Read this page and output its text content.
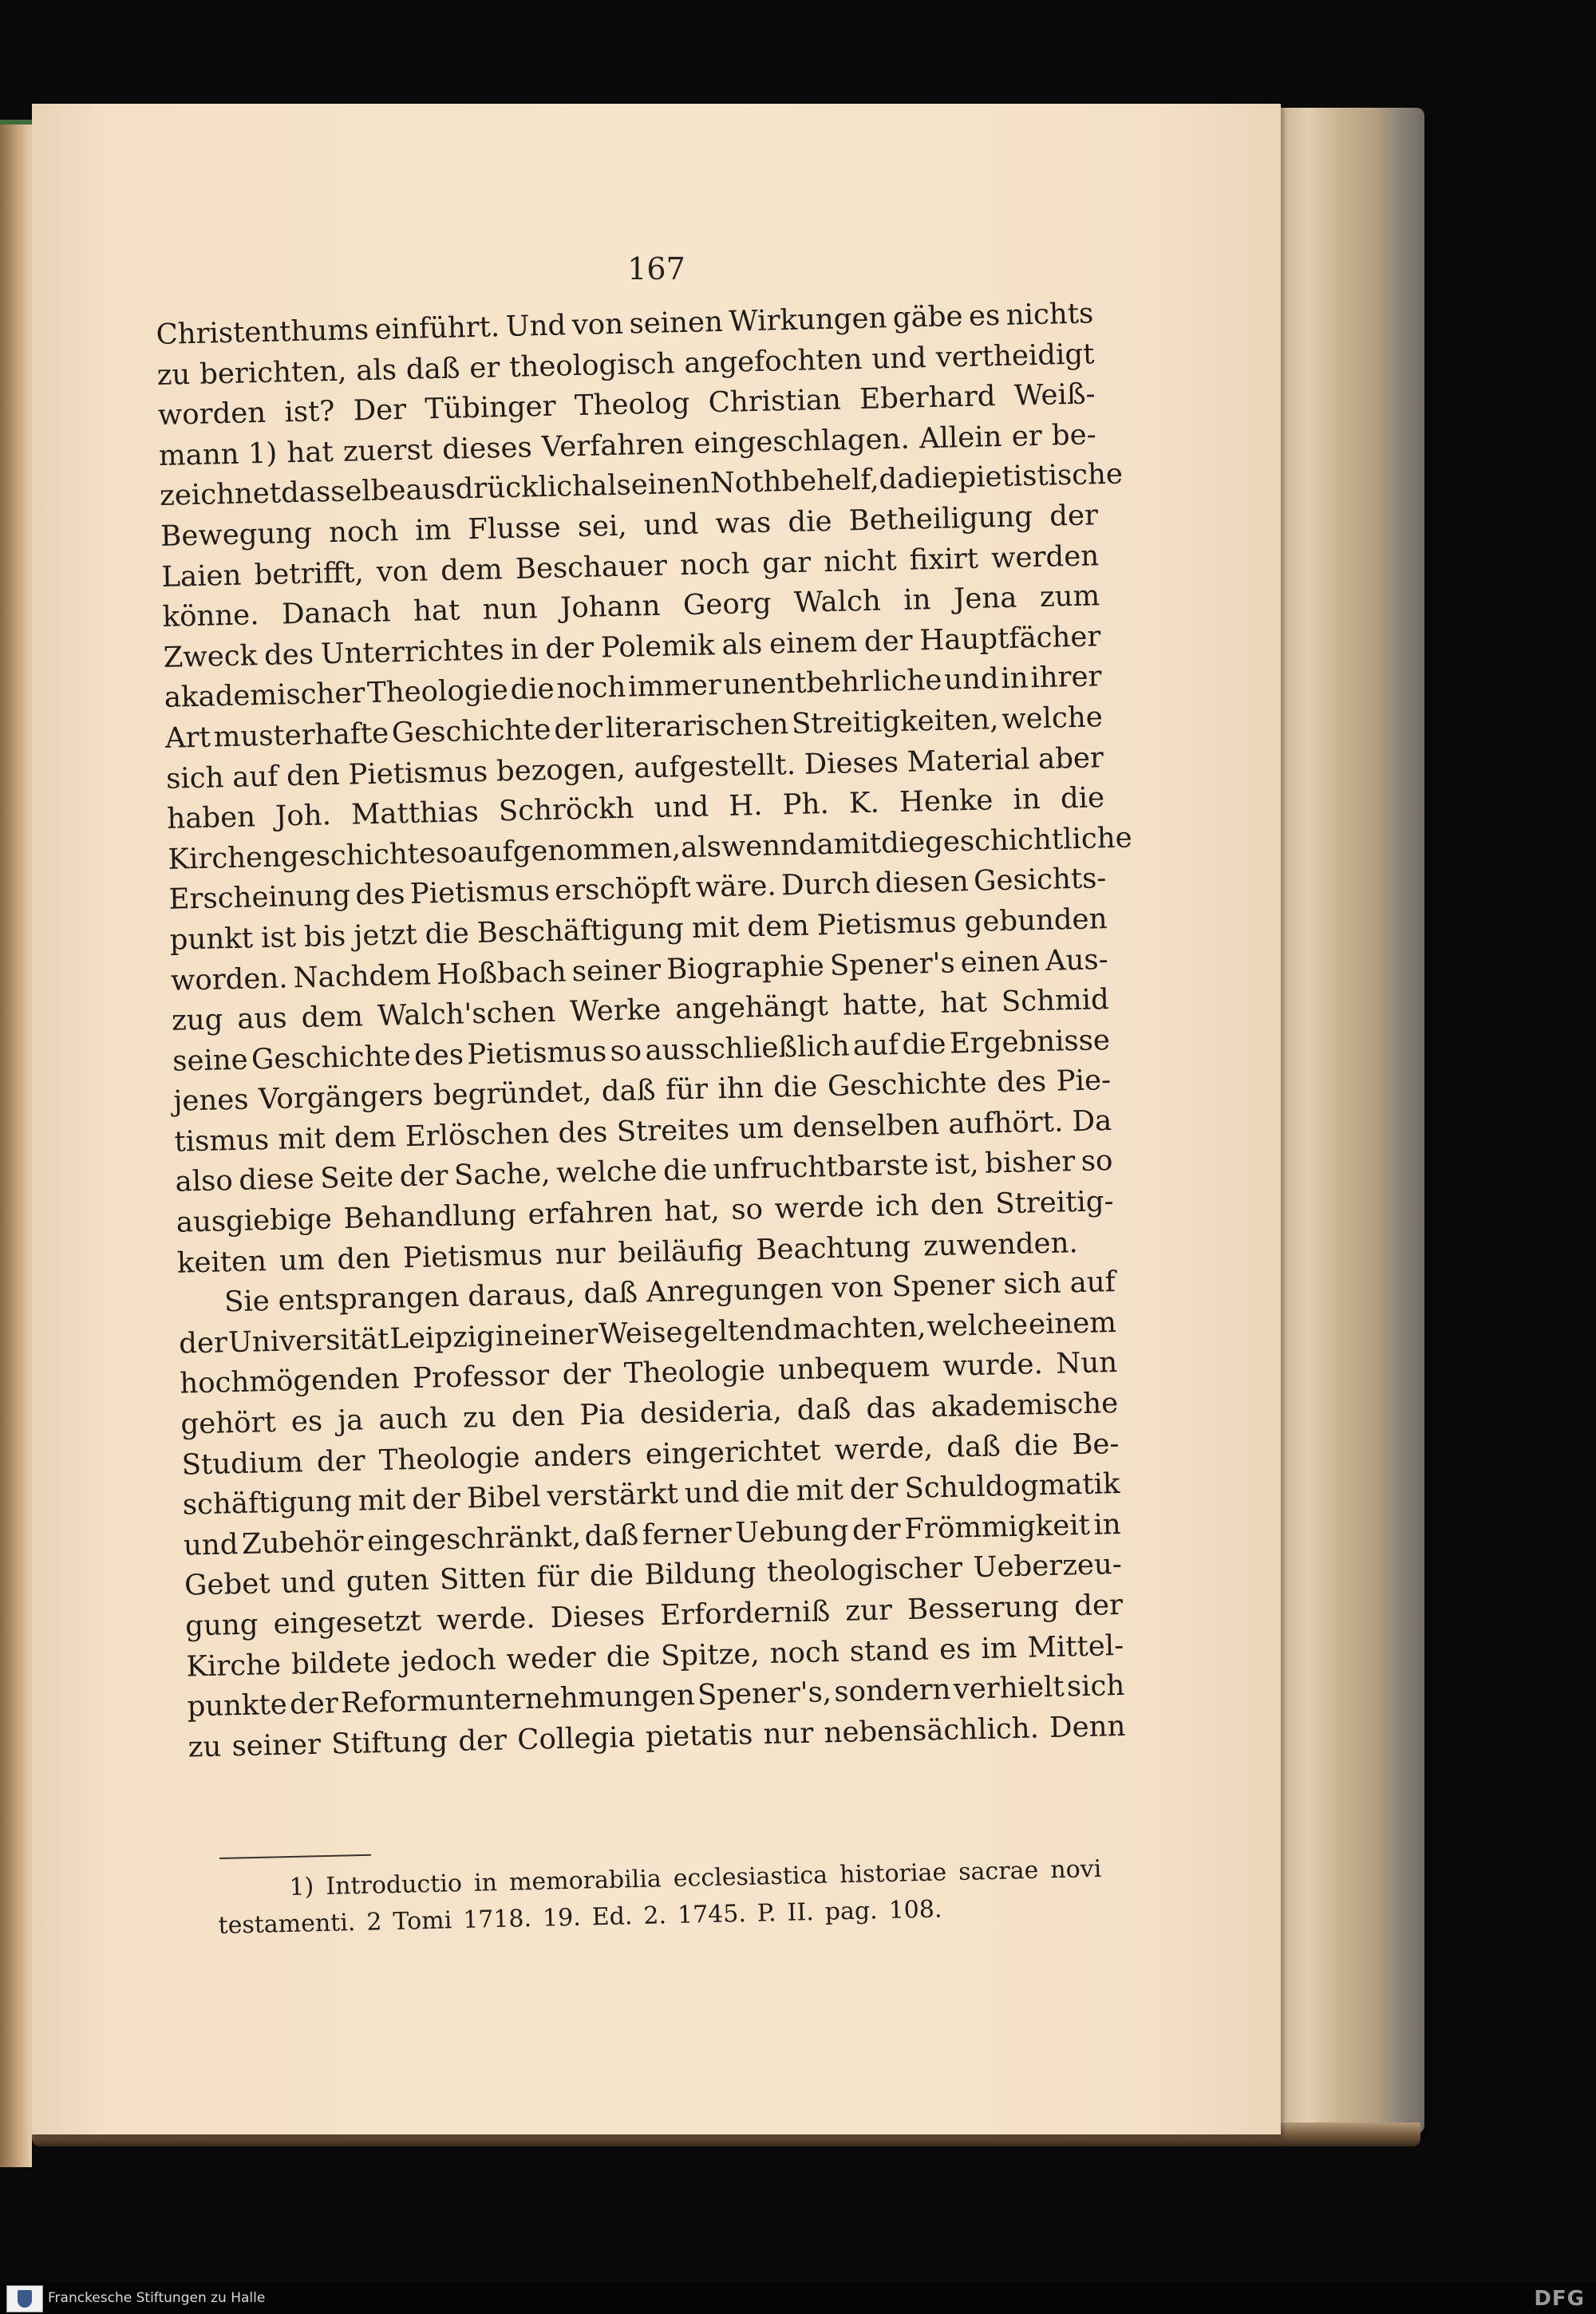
167
Christenthums einführt. Und von seinen Wirkungen gäbe es nichts
zu berichten, als daß er theologisch angefochten und vertheidigt
worden ist? Der Tübinger Theolog Christian Eberhard Weiß-
mann 1) hat zuerst dieses Verfahren eingeschlagen. Allein er be-
zeichnet dasselbe ausdrücklich als einen Nothbehelf, da die pietistische
Bewegung noch im Flusse sei, und was die Betheiligung der
Laien betrifft, von dem Beschauer noch gar nicht fixirt werden
könne. Danach hat nun Johann Georg Walch in Jena zum
Zweck des Unterrichtes in der Polemik als einem der Hauptfächer
akademischer Theologie die noch immer unentbehrliche und in ihrer
Art musterhafte Geschichte der literarischen Streitigkeiten, welche
sich auf den Pietismus bezogen, aufgestellt. Dieses Material aber
haben Joh. Matthias Schröckh und H. Ph. K. Henke in die
Kirchengeschichte so aufgenommen, als wenn damit die geschichtliche
Erscheinung des Pietismus erschöpft wäre. Durch diesen Gesichts-
punkt ist bis jetzt die Beschäftigung mit dem Pietismus gebunden
worden. Nachdem Hoßbach seiner Biographie Spener's einen Aus-
zug aus dem Walch'schen Werke angehängt hatte, hat Schmid
seine Geschichte des Pietismus so ausschließlich auf die Ergebnisse
jenes Vorgängers begründet, daß für ihn die Geschichte des Pie-
tismus mit dem Erlöschen des Streites um denselben aufhört. Da
also diese Seite der Sache, welche die unfruchtbarste ist, bisher so
ausgiebige Behandlung erfahren hat, so werde ich den Streitig-
keiten um den Pietismus nur beiläufig Beachtung zuwenden.
Sie entsprangen daraus, daß Anregungen von Spener sich auf
der Universität Leipzig in einer Weise geltend machten, welche einem
hochmögenden Professor der Theologie unbequem wurde. Nun
gehört es ja auch zu den Pia desideria, daß das akademische
Studium der Theologie anders eingerichtet werde, daß die Be-
schäftigung mit der Bibel verstärkt und die mit der Schuldogmatik
und Zubehör eingeschränkt, daß ferner Uebung der Frömmigkeit in
Gebet und guten Sitten für die Bildung theologischer Ueberzeu-
gung eingesetzt werde. Dieses Erforderniß zur Besserung der
Kirche bildete jedoch weder die Spitze, noch stand es im Mittel-
punkte der Reformunternehmungen Spener's, sondern verhielt sich
zu seiner Stiftung der Collegia pietatis nur nebensächlich. Denn
1) Introductio in memorabilia ecclesiastica historiae sacrae novi
testamenti. 2 Tomi 1718. 19. Ed. 2. 1745. P. II. pag. 108.
Franckesche Stiftungen zu Halle	DFG
